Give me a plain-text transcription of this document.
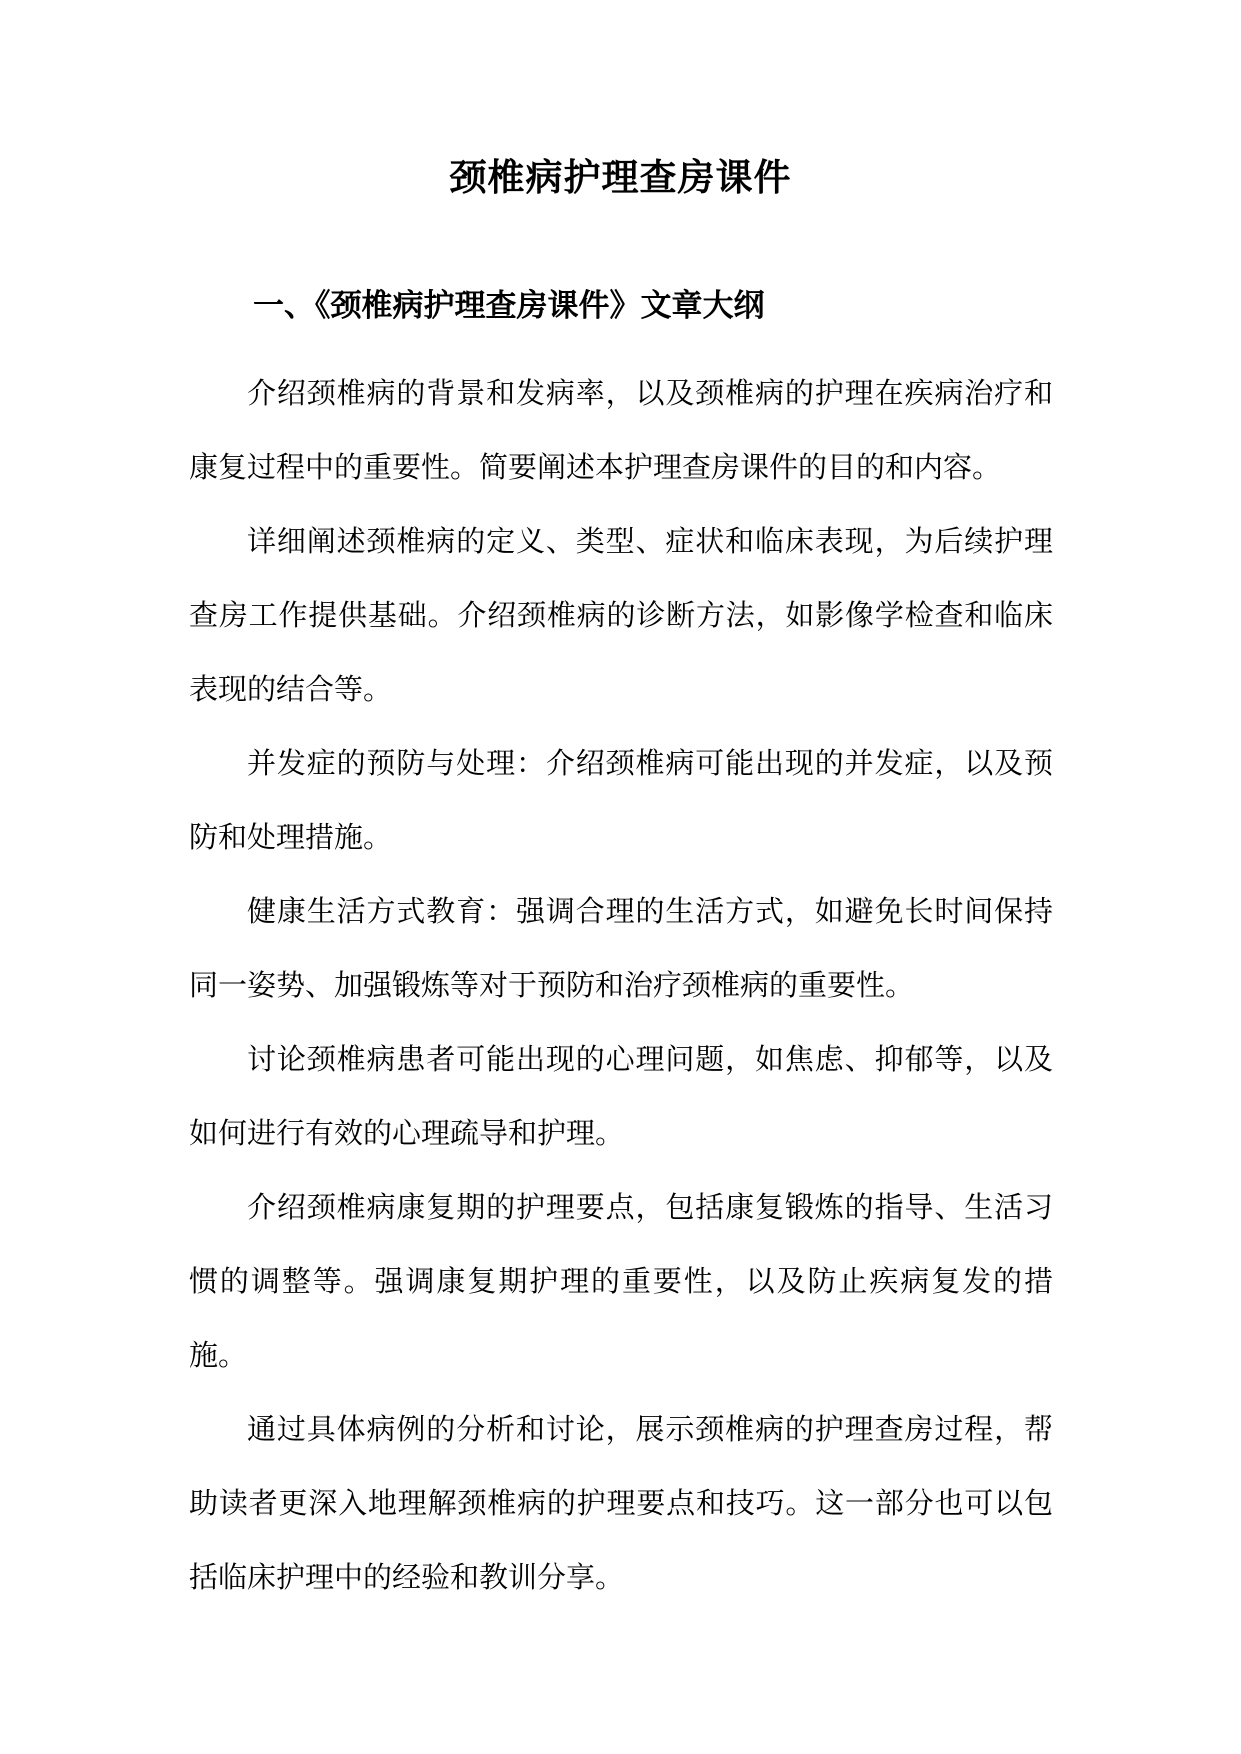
颈椎病护理查房课件
一、《颈椎病护理查房课件》文章大纲

介绍颈椎病的背景和发病率，以及颈椎病的护理在疾病治疗和康复过程中的重要性。简要阐述本护理查房课件的目的和内容。

详细阐述颈椎病的定义、类型、症状和临床表现，为后续护理查房工作提供基础。介绍颈椎病的诊断方法，如影像学检查和临床表现的结合等。

并发症的预防与处理：介绍颈椎病可能出现的并发症，以及预防和处理措施。

健康生活方式教育：强调合理的生活方式，如避免长时间保持同一姿势、加强锻炼等对于预防和治疗颈椎病的重要性。

讨论颈椎病患者可能出现的心理问题，如焦虑、抑郁等，以及如何进行有效的心理疏导和护理。

介绍颈椎病康复期的护理要点，包括康复锻炼的指导、生活习惯的调整等。强调康复期护理的重要性，以及防止疾病复发的措施。

通过具体病例的分析和讨论，展示颈椎病的护理查房过程，帮助读者更深入地理解颈椎病的护理要点和技巧。这一部分也可以包括临床护理中的经验和教训分享。
